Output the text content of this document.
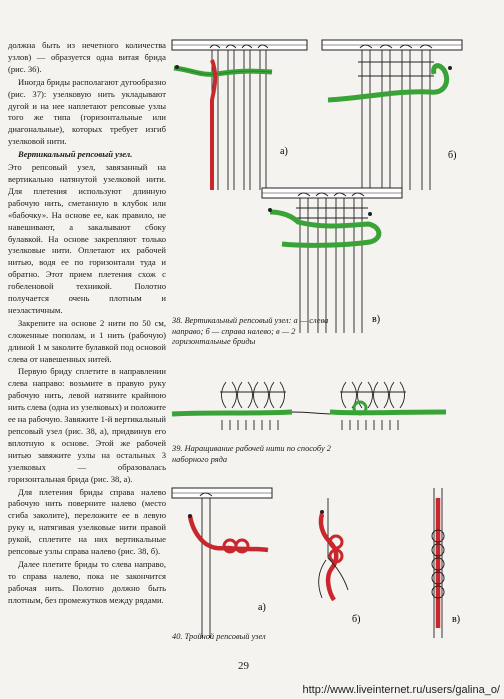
должна быть из нечетного количества узлов) — образуется одна витая брида (рис. 36).

Иногда бриды располагают дугообразно (рис. 37): узелковую нить укладывают дугой и на нее наплетают репсовые узлы того же типа (горизонтальные или диагональные), которых требует изгиб узелковой нити.

Вертикальный репсовый узел.

Это репсовый узел, завязанный на вертикально натянутой узелковой нити. Для плетения используют длинную рабочую нить, сметанную в клубок или «бабочку». На основе ее, как правило, не навешивают, а закалывают сбоку булавкой. На основе закрепляют только узелковые нити. Оплетают их рабочей нитью, водя ее по горизонтали туда и обратно. Этот прием плетения схож с гобеленовой техникой. Полотно получается очень плотным и неэластичным.

Закрепите на основе 2 нити по 50 см, сложенные пополам, и 1 нить (рабочую) длиной 1 м заколите булавкой под основой слева от навешенных нитей.

Первую бриду сплетите в направлении слева направо: возьмите в правую руку рабочую нить, левой натяните крайнюю нить слева (одна из узелковых) и положите ее на рабочую. Завяжите 1-й вертикальный репсовый узел (рис. 38, а), придвинув его вплотную к основе. Этой же рабочей нитью завяжите узлы на остальных 3 узелковых — образовалась горизонтальная брида (рис. 38, а).

Для плетения бриды справа налево рабочую нить поверните налево (место сгиба заколите), переложите ее в левую руку и, натягивая узелковые нити правой рукой, сплетите на них вертикальные репсовые узлы справа налево (рис. 38, б).

Далее плетите бриды то слева направо, то справа налево, пока не закончится рабочая нить. Полотно должно быть плотным, без промежутков между рядами.

а)	б)
в)
38. Вертикальный репсовый узел: а — слева направо; б — справа налево; в — 2 горизонтальные бриды
39. Наращивание рабочей нити по способу 2 наборного ряда
а)
б)	в)
40. Тройной репсовый узел
29
http://www.liveinternet.ru/users/galina_o/
